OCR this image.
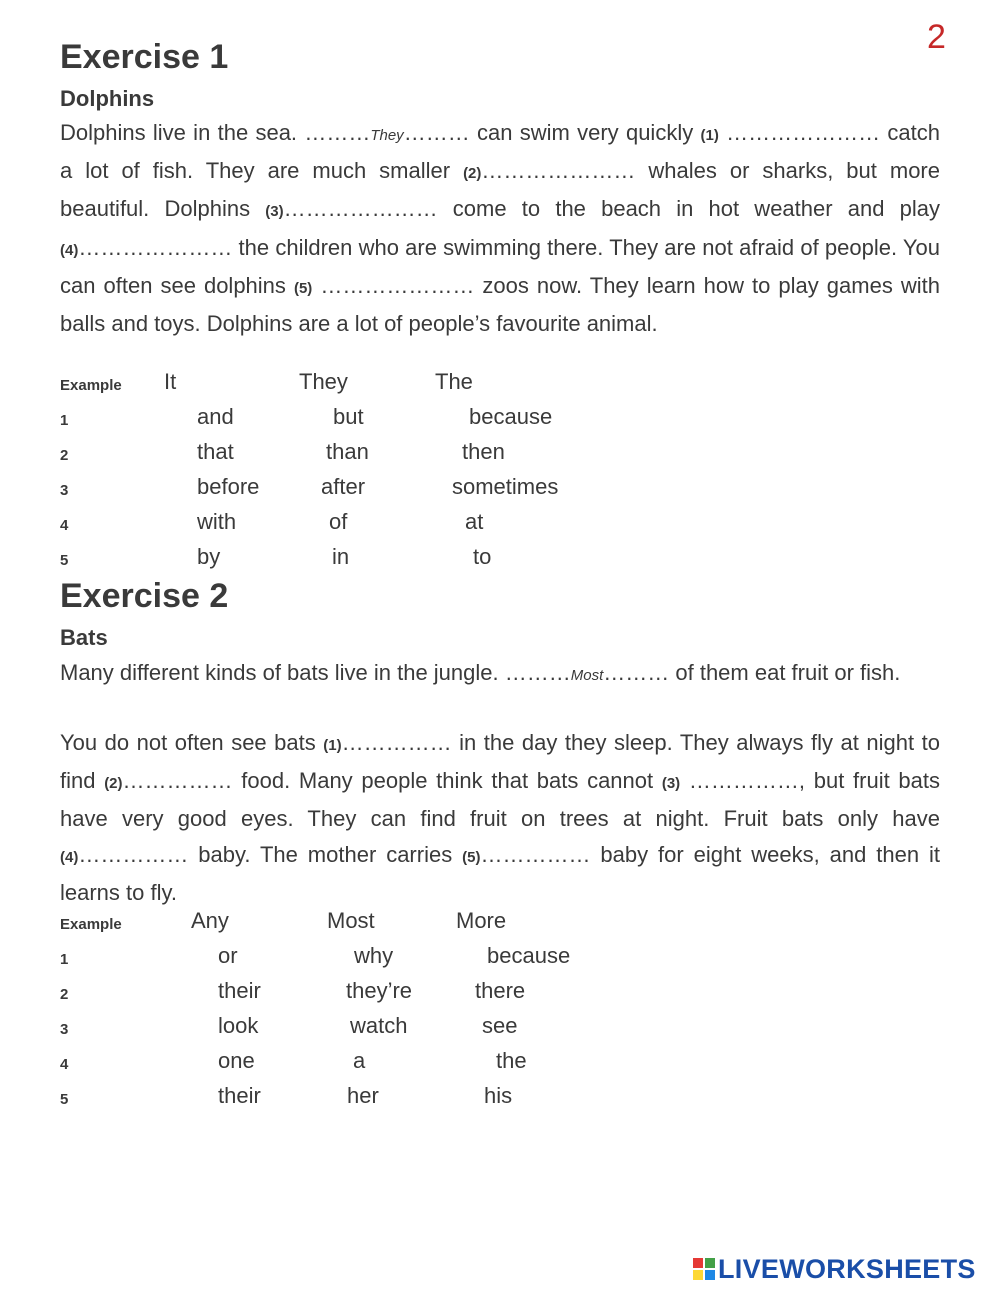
2
Exercise 1
Dolphins
Dolphins live in the sea. ………They……… can swim very quickly (1) ………………… catch a lot of fish. They are much smaller (2)………………… whales or sharks, but more beautiful. Dolphins (3)………………… come to the beach in hot weather and play (4)………………… the children who are swimming there. They are not afraid of people. You can often see dolphins (5) ………………… zoos now. They learn how to play games with balls and toys. Dolphins are a lot of people’s favourite animal.
Example It	They	The
1	and	but	because
2	that	than	then
3	before	after	sometimes
4	with	of	at
5	by	in	to
Exercise 2
Bats
Many different kinds of bats live in the jungle. ………Most……… of them eat fruit or fish.
You do not often see bats (1)…………… in the day they sleep. They always fly at night to find (2)…………… food. Many people think that bats cannot (3) ……………, but fruit bats have very good eyes. They can find fruit on trees at night. Fruit bats only have (4)…………… baby. The mother carries (5)…………… baby for eight weeks, and then it learns to fly.
Example	Any	Most	More
1	or	why	because
2	their	they’re	there
3	look	watch	see
4	one	a	the
5	their	her	his
LIVEWORKSHEETS
